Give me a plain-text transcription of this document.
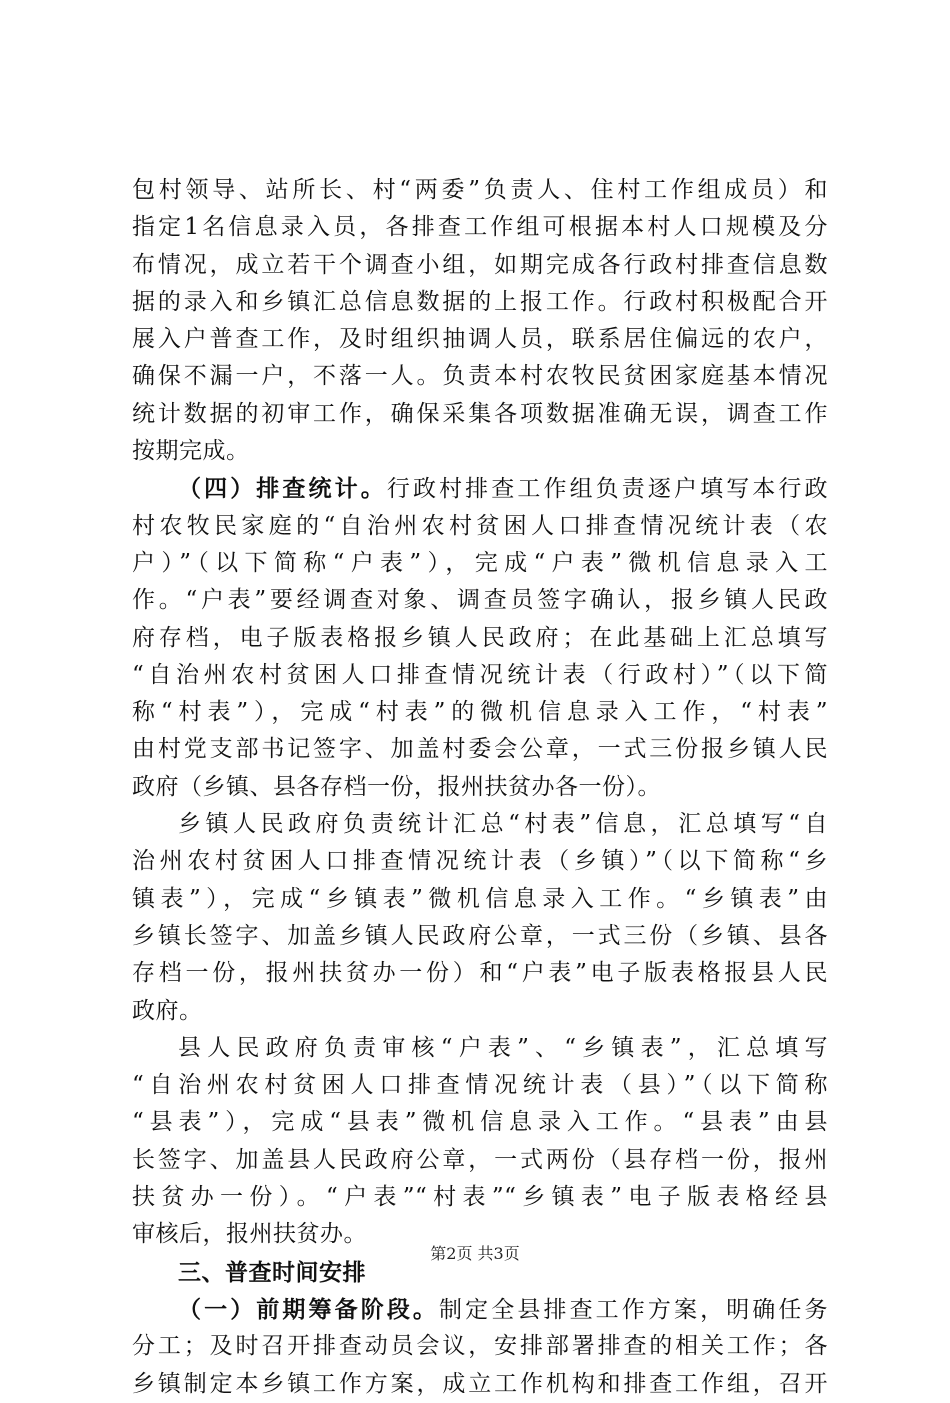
包村领导、站所长、村“两委”负责人、住村工作组成员）和
指定1名信息录入员，各排查工作组可根据本村人口规模及分
布情况，成立若干个调查小组，如期完成各行政村排查信息数
据的录入和乡镇汇总信息数据的上报工作。行政村积极配合开
展入户普查工作，及时组织抽调人员，联系居住偏远的农户，
确保不漏一户，不落一人。负责本村农牧民贫困家庭基本情况
统计数据的初审工作，确保采集各项数据准确无误，调查工作
按期完成。
（四）排查统计。行政村排查工作组负责逐户填写本行政
村农牧民家庭的“自治州农村贫困人口排查情况统计表（农
户）”（以下简称“户表”），完成“户表”微机信息录入工
作。“户表”要经调查对象、调查员签字确认，报乡镇人民政
府存档，电子版表格报乡镇人民政府；在此基础上汇总填写
“自治州农村贫困人口排查情况统计表（行政村）”（以下简
称“村表”），完成“村表”的微机信息录入工作，“村表”
由村党支部书记签字、加盖村委会公章，一式三份报乡镇人民
政府（乡镇、县各存档一份，报州扶贫办各一份）。
乡镇人民政府负责统计汇总“村表”信息，汇总填写“自
治州农村贫困人口排查情况统计表（乡镇）”（以下简称“乡
镇表”），完成“乡镇表”微机信息录入工作。“乡镇表”由
乡镇长签字、加盖乡镇人民政府公章，一式三份（乡镇、县各
存档一份，报州扶贫办一份）和“户表”电子版表格报县人民
政府。
县人民政府负责审核“户表”、“乡镇表”，汇总填写
“自治州农村贫困人口排查情况统计表（县）”（以下简称
“县表”），完成“县表”微机信息录入工作。“县表”由县
长签字、加盖县人民政府公章，一式两份（县存档一份，报州
扶贫办一份）。“户表”“村表”“乡镇表”电子版表格经县
审核后，报州扶贫办。
三、普查时间安排
（一）前期筹备阶段。制定全县排查工作方案，明确任务
分工；及时召开排查动员会议，安排部署排查的相关工作；各
乡镇制定本乡镇工作方案，成立工作机构和排查工作组，召开
第2页 共3页
